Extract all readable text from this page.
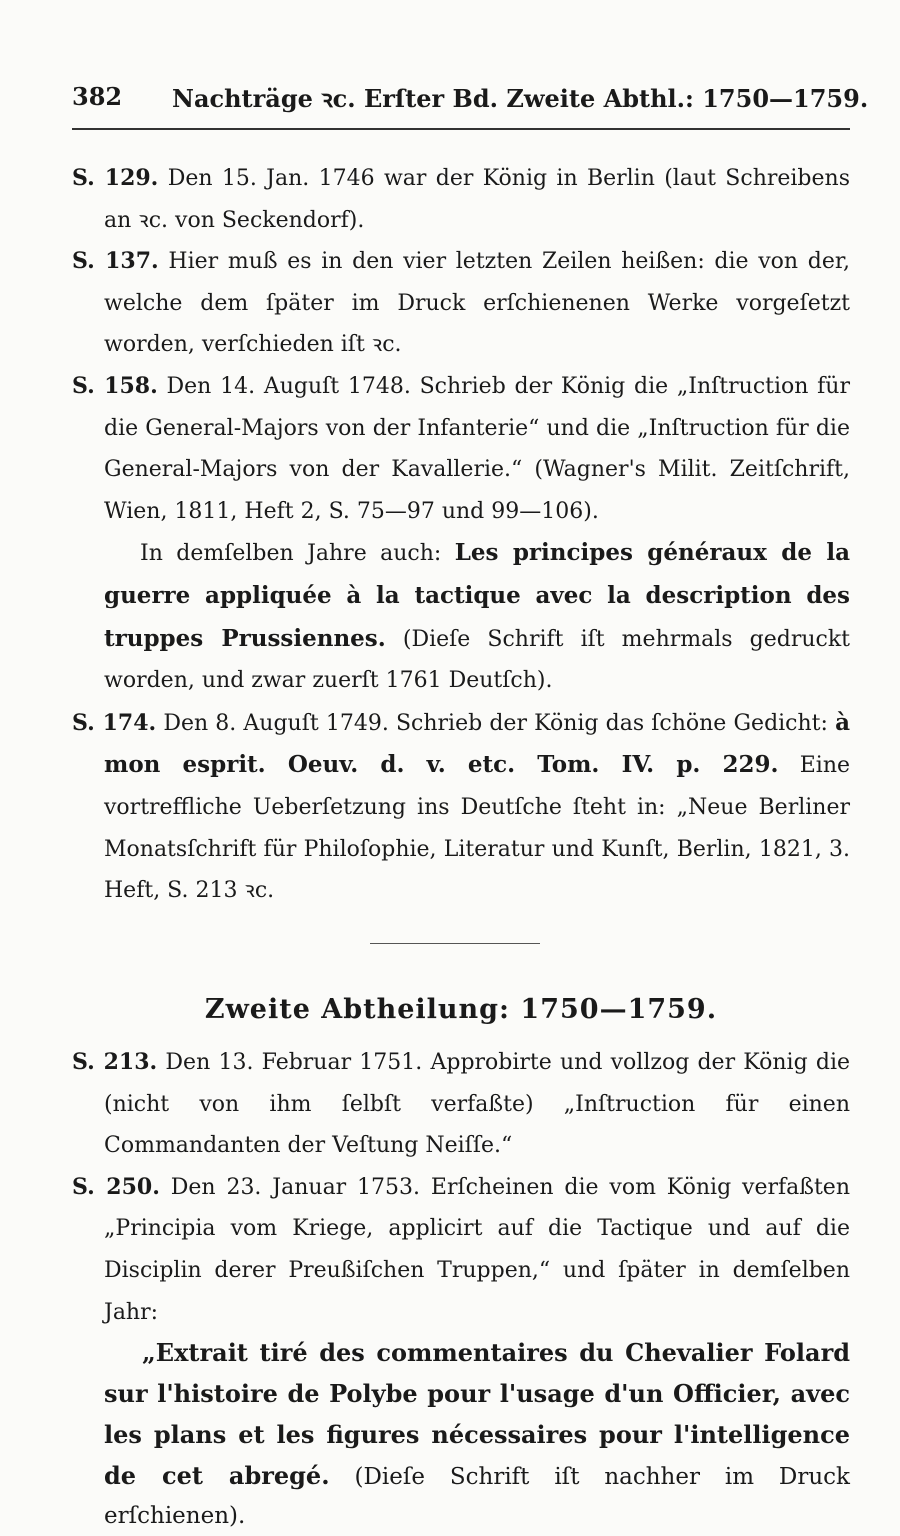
382 Nachträge ꝛc. Erſter Bd. Zweite Abthl.: 1750—1759.

S. 129. Den 15. Jan. 1746 war der König in Berlin (laut Schreibens an ꝛc. von Seckendorf).

S. 137. Hier muß es in den vier letzten Zeilen heißen: die von der, welche dem ſpäter im Druck erſchienenen Werke vorgeſetzt worden, verſchieden iſt ꝛc.

S. 158. Den 14. Auguſt 1748. Schrieb der König die „Inſtruction für die General-Majors von der Infanterie“ und die „Inſtruction für die General-Majors von der Kavallerie.“ (Wagner's Milit. Zeitſchrift, Wien, 1811, Heft 2, S. 75—97 und 99—106).

In demſelben Jahre auch: Les principes généraux de la guerre appliquée à la tactique avec la description des truppes Prussiennes. (Dieſe Schrift iſt mehrmals gedruckt worden, und zwar zuerſt 1761 Deutſch).

S. 174. Den 8. Auguſt 1749. Schrieb der König das ſchöne Gedicht: à mon esprit. Oeuv. d. v. etc. Tom. IV. p. 229. Eine vortreffliche Ueberſetzung ins Deutſche ſteht in: „Neue Berliner Monatsſchrift für Philoſophie, Literatur und Kunſt, Berlin, 1821, 3. Heft, S. 213 ꝛc.

Zweite Abtheilung: 1750—1759.

S. 213. Den 13. Februar 1751. Approbirte und vollzog der König die (nicht von ihm ſelbſt verfaßte) „Inſtruction für einen Commandanten der Veſtung Neiſſe.“

S. 250. Den 23. Januar 1753. Erſcheinen die vom König verfaßten „Principia vom Kriege, applicirt auf die Tactique und auf die Disciplin derer Preußiſchen Truppen,“ und ſpäter in demſelben Jahr:

„Extrait tiré des commentaires du Chevalier Folard sur l'histoire de Polybe pour l'usage d'un Officier, avec les plans et les figures nécessaires pour l'intelligence de cet abregé. (Dieſe Schrift iſt nachher im Druck erſchienen).
